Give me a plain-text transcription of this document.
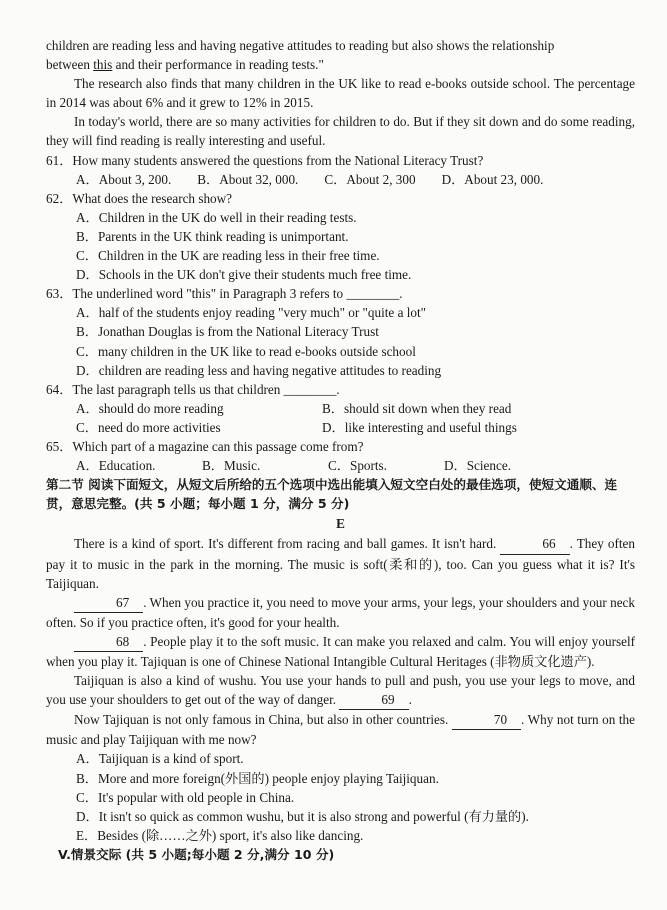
children are reading less and having negative attitudes to reading but also shows the relationship

between this and their performance in reading tests."

The research also finds that many children in the UK like to read e-books outside school. The percentage in 2014 was about 6% and it grew to 12% in 2015.

In today's world, there are so many activities for children to do. But if they sit down and do some reading, they will find reading is really interesting and useful.

61．How many students answered the questions from the National Literacy Trust?

A．About 3, 200. B．About 32, 000. C．About 2, 300 D．About 23, 000.

62．What does the research show?

A．Children in the UK do well in their reading tests.
B．Parents in the UK think reading is unimportant.
C．Children in the UK are reading less in their free time.
D．Schools in the UK don't give their students much free time.

63．The underlined word "this" in Paragraph 3 refers to ________.

A．half of the students enjoy reading "very much" or "quite a lot"
B．Jonathan Douglas is from the National Literacy Trust
C．many children in the UK like to read e-books outside school
D．children are reading less and having negative attitudes to reading

64．The last paragraph tells us that children ________.

A．should do more reading	B．should sit down when they read
C．need do more activities	D．like interesting and useful things

65．Which part of a magazine can this passage come from?

A．Education.	B．Music.	C．Sports.	D．Science.

第二节 阅读下面短文，从短文后所给的五个选项中选出能填入短文空白处的最佳选项，使短文通顺、连贯，意思完整。(共 5 小题；每小题 1 分，满分 5 分)

E

There is a kind of sport. It's different from racing and ball games. It isn't hard.	66 . They often pay it to music in the park in the morning. The music is soft(柔和的), too. Can you guess what it is? It's Taijiquan.

67 . When you practice it, you need to move your arms, your legs, your shoulders and your neck often. So if you practice often, it's good for your health.

68 . People play it to the soft music. It can make you relaxed and calm. You will enjoy yourself when you play it. Tajiquan is one of Chinese National Intangible Cultural Heritages (非物质文化遗产).

Taijiquan is also a kind of wushu. You use your hands to pull and push, you use your legs to move, and you use your shoulders to get out of the way of danger.	69 .

Now Tajiquan is not only famous in China, but also in other countries.	70 . Why not turn on the music and play Taijiquan with me now?

A．Taijiquan is a kind of sport.
B．More and more foreign(外国的) people enjoy playing Taijiquan.
C．It's popular with old people in China.
D．It isn't so quick as common wushu, but it is also strong and powerful (有力量的).
E．Besides (除……之外) sport, it's also like dancing.

V.情景交际 (共 5 小题;每小题 2 分,满分 10 分)
